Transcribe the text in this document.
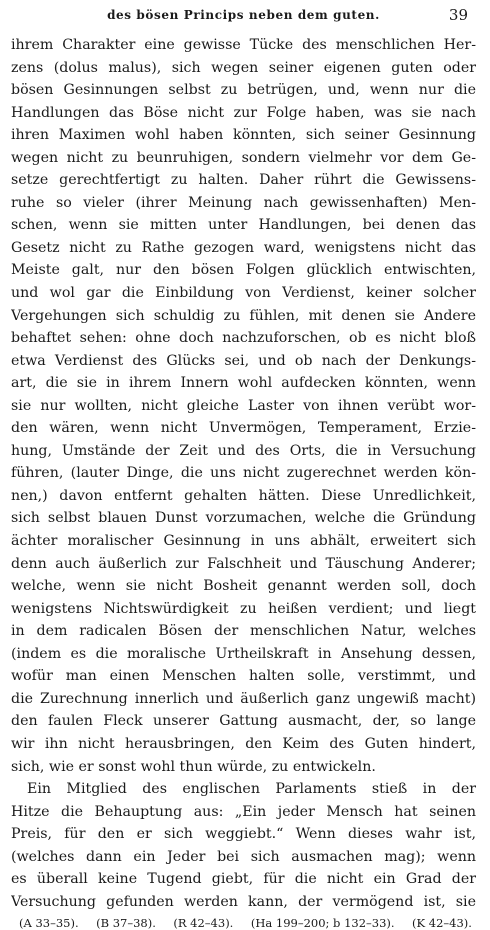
des bösen Princips neben dem guten.	39
ihrem Charakter eine gewisse Tücke des menschlichen Her-
zens (dolus malus), sich wegen seiner eigenen guten oder
bösen Gesinnungen selbst zu betrügen, und, wenn nur die
Handlungen das Böse nicht zur Folge haben, was sie nach
ihren Maximen wohl haben könnten, sich seiner Gesinnung
wegen nicht zu beunruhigen, sondern vielmehr vor dem Ge-
setze gerechtfertigt zu halten. Daher rührt die Gewissens-
ruhe so vieler (ihrer Meinung nach gewissenhaften) Men-
schen, wenn sie mitten unter Handlungen, bei denen das
Gesetz nicht zu Rathe gezogen ward, wenigstens nicht das
Meiste galt, nur den bösen Folgen glücklich entwischten,
und wol gar die Einbildung von Verdienst, keiner solcher
Vergehungen sich schuldig zu fühlen, mit denen sie Andere
behaftet sehen: ohne doch nachzuforschen, ob es nicht bloß
etwa Verdienst des Glücks sei, und ob nach der Denkungs-
art, die sie in ihrem Innern wohl aufdecken könnten, wenn
sie nur wollten, nicht gleiche Laster von ihnen verübt wor-
den wären, wenn nicht Unvermögen, Temperament, Erzie-
hung, Umstände der Zeit und des Orts, die in Versuchung
führen, (lauter Dinge, die uns nicht zugerechnet werden kön-
nen,) davon entfernt gehalten hätten. Diese Unredlichkeit,
sich selbst blauen Dunst vorzumachen, welche die Gründung
ächter moralischer Gesinnung in uns abhält, erweitert sich
denn auch äußerlich zur Falschheit und Täuschung Anderer;
welche, wenn sie nicht Bosheit genannt werden soll, doch
wenigstens Nichtswürdigkeit zu heißen verdient; und liegt
in dem radicalen Bösen der menschlichen Natur, welches
(indem es die moralische Urtheilskraft in Ansehung dessen,
wofür man einen Menschen halten solle, verstimmt, und
die Zurechnung innerlich und äußerlich ganz ungewiß macht)
den faulen Fleck unserer Gattung ausmacht, der, so lange
wir ihn nicht herausbringen, den Keim des Guten hindert,
sich, wie er sonst wohl thun würde, zu entwickeln.
Ein Mitglied des englischen Parlaments stieß in der
Hitze die Behauptung aus: „Ein jeder Mensch hat seinen
Preis, für den er sich weggiebt.“ Wenn dieses wahr ist,
(welches dann ein Jeder bei sich ausmachen mag); wenn
es überall keine Tugend giebt, für die nicht ein Grad der
Versuchung gefunden werden kann, der vermögend ist, sie
(A 33–35). (B 37–38). (R 42–43). (Ha 199–200; b 132–33). (K 42–43).
